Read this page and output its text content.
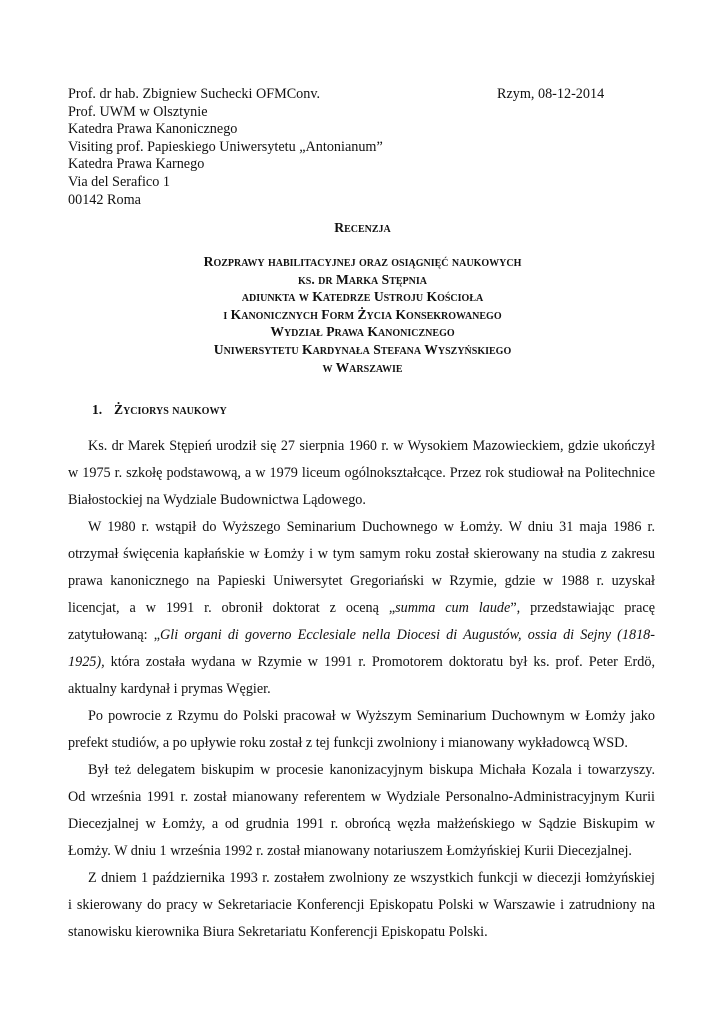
Prof. dr hab. Zbigniew Suchecki OFMConv.
Prof. UWM w Olsztynie
Katedra Prawa Kanonicznego
Visiting prof. Papieskiego Uniwersytetu „Antonianum”
Katedra Prawa Karnego
Via del Serafico 1
00142 Roma
Rzym, 08-12-2014
Recenzja
Rozprawy habilitacyjnej oraz osiągnięć naukowych
ks. dr Marka Stępnia
adiunkta w Katedrze Ustroju Kościoła
i Kanonicznych Form Życia Konsekrowanego
Wydział Prawa Kanonicznego
Uniwersytetu Kardynała Stefana Wyszyńskiego
w Warszawie
1. Życiorys naukowy
Ks. dr Marek Stępień urodził się 27 sierpnia 1960 r. w Wysokiem Mazowieckiem, gdzie ukończył
w 1975 r. szkołę podstawową, a w 1979 liceum ogólnokształcące. Przez rok studiował na Politechnice
Białostockiej na Wydziale Budownictwa Lądowego.
W 1980 r. wstąpił do Wyższego Seminarium Duchownego w Łomży. W dniu 31 maja 1986 r.
otrzymał święcenia kapłańskie w Łomży i w tym samym roku został skierowany na studia z zakresu
prawa kanonicznego na Papieski Uniwersytet Gregoriański w Rzymie, gdzie w 1988 r. uzyskał
licencjat, a w 1991 r. obronił doktorat z oceną „summa cum laude”, przedstawiając pracę
zatytułowaną: „Gli organi di governo Ecclesiale nella Diocesi di Augustów, ossia di Sejny (1818-
1925), która została wydana w Rzymie w 1991 r. Promotorem doktoratu był ks. prof. Peter Erdö,
aktualny kardynał i prymas Węgier.
Po powrocie z Rzymu do Polski pracował w Wyższym Seminarium Duchownym w Łomży jako
prefekt studiów, a po upływie roku został z tej funkcji zwolniony i mianowany wykładowcą WSD.
Był też delegatem biskupim w procesie kanonizacyjnym biskupa Michała Kozala i towarzyszy.
Od września 1991 r. został mianowany referentem w Wydziale Personalno-Administracyjnym Kurii
Diecezjalnej w Łomży, a od grudnia 1991 r. obrońcą węzła małżeńskiego w Sądzie Biskupim w
Łomży. W dniu 1 września 1992 r. został mianowany notariuszem Łomżyńskiej Kurii Diecezjalnej.
Z dniem 1 października 1993 r. zostałem zwolniony ze wszystkich funkcji w diecezji łomżyńskiej
i skierowany do pracy w Sekretariacie Konferencji Episkopatu Polski w Warszawie i zatrudniony na
stanowisku kierownika Biura Sekretariatu Konferencji Episkopatu Polski.
